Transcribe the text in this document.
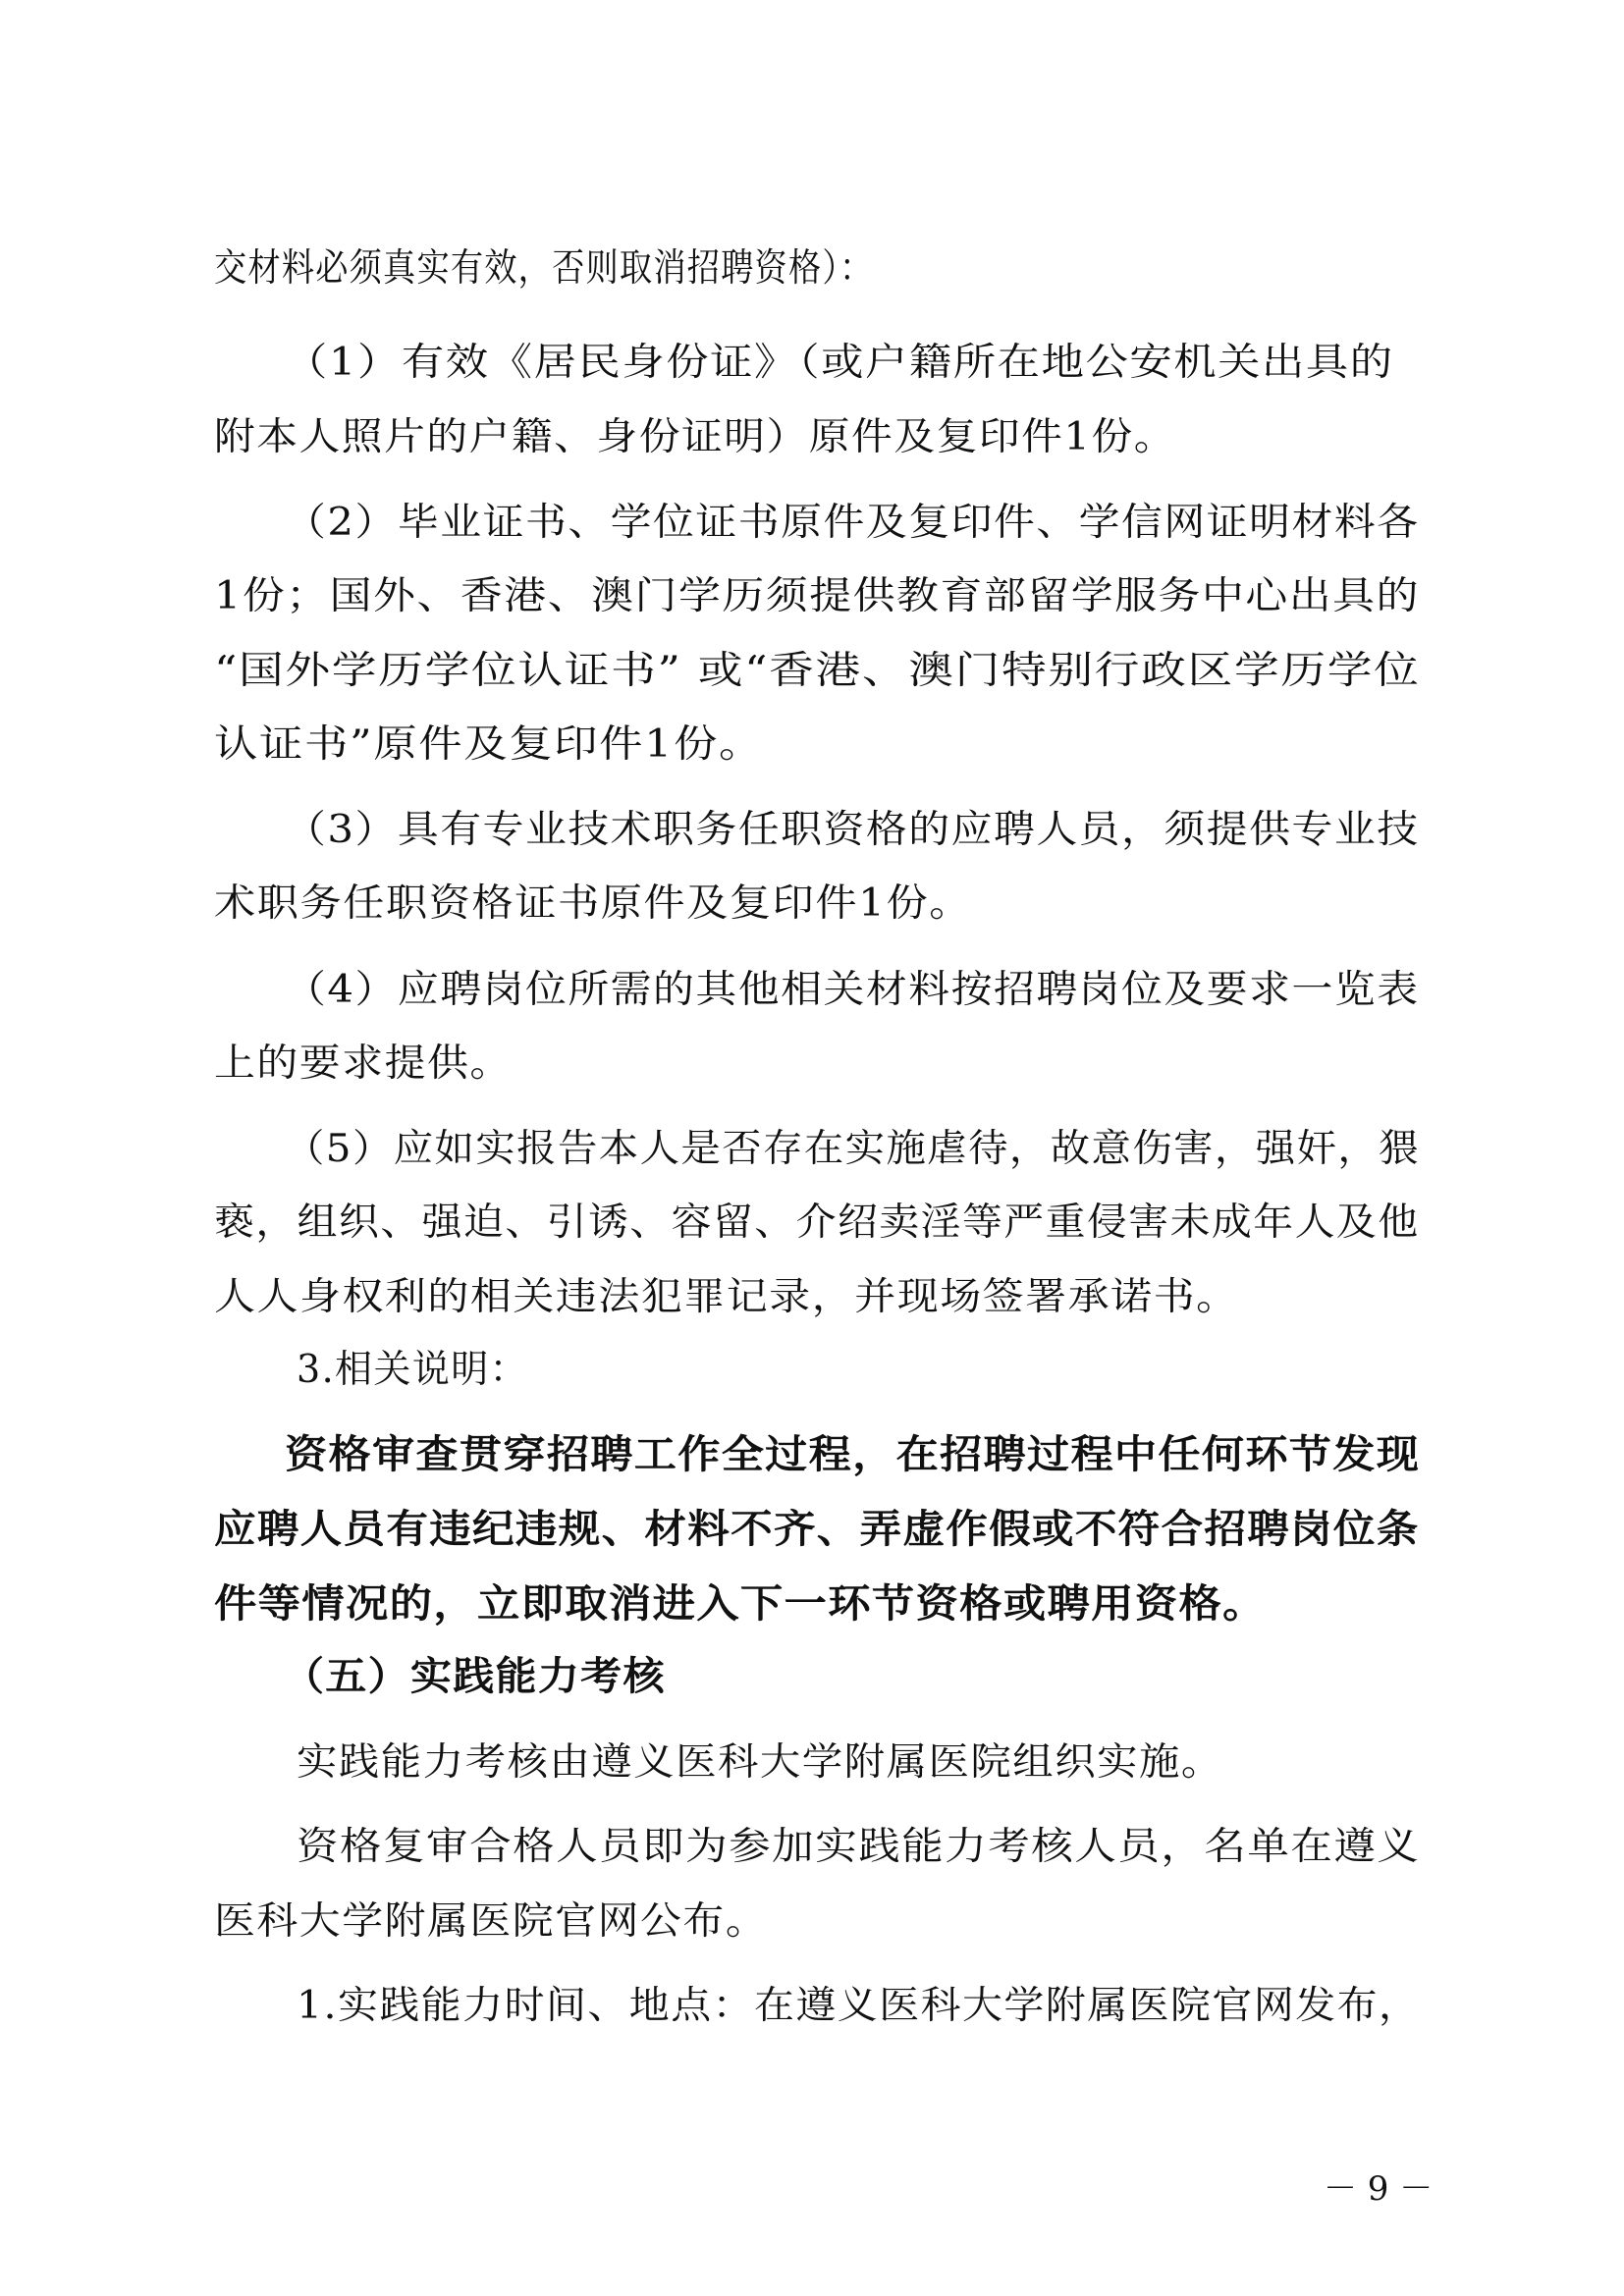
交材料必须真实有效，否则取消招聘资格）：
（1）有效《居民身份证》（或户籍所在地公安机关出具的
附本人照片的户籍、身份证明）原件及复印件1份。
（2）毕业证书、学位证书原件及复印件、学信网证明材料各
1份；国外、香港、澳门学历须提供教育部留学服务中心出具的
“国外学历学位认证书” 或“香港、澳门特别行政区学历学位
认证书”原件及复印件1份。
（3）具有专业技术职务任职资格的应聘人员，须提供专业技
术职务任职资格证书原件及复印件1份。
（4）应聘岗位所需的其他相关材料按招聘岗位及要求一览表
上的要求提供。
（5）应如实报告本人是否存在实施虐待，故意伤害，强奸，猥
亵，组织、强迫、引诱、容留、介绍卖淫等严重侵害未成年人及他
人人身权利的相关违法犯罪记录，并现场签署承诺书。
3.相关说明：
资格审查贯穿招聘工作全过程，在招聘过程中任何环节发现
应聘人员有违纪违规、材料不齐、弄虚作假或不符合招聘岗位条
件等情况的，立即取消进入下一环节资格或聘用资格。
（五）实践能力考核
实践能力考核由遵义医科大学附属医院组织实施。
资格复审合格人员即为参加实践能力考核人员，名单在遵义
医科大学附属医院官网公布。
1.实践能力时间、地点：在遵义医科大学附属医院官网发布，
－ 9 －
